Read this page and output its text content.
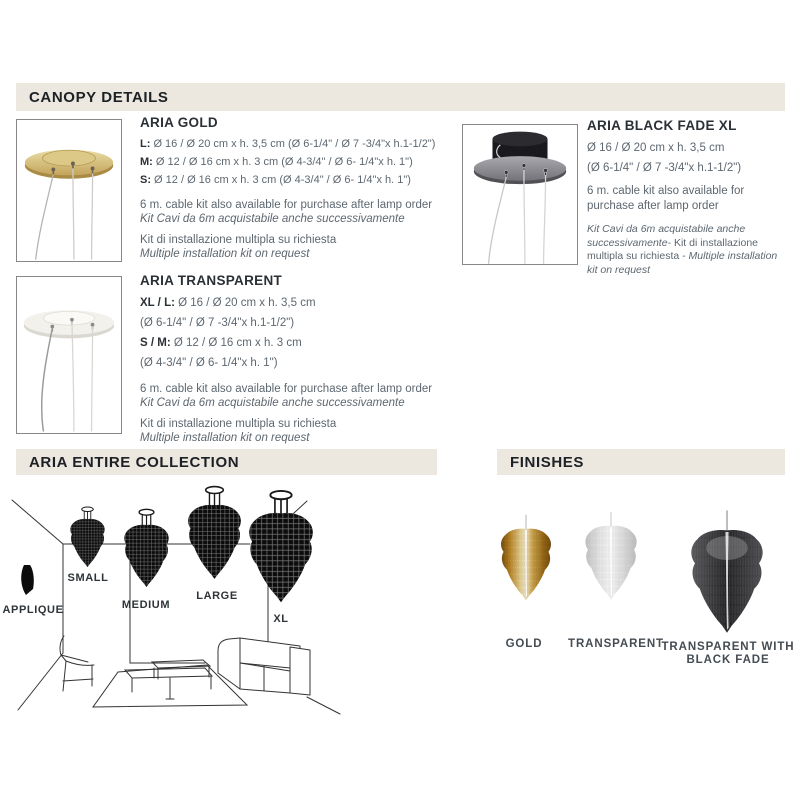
CANOPY DETAILS
ARIA GOLD
L: Ø 16 / Ø 20 cm x h. 3,5 cm (Ø 6-1/4" / Ø 7 -3/4"x h.1-1/2")
M: Ø 12 / Ø 16 cm x h. 3 cm (Ø 4-3/4" / Ø 6- 1/4"x h. 1")
S: Ø 12 / Ø 16 cm x h. 3 cm (Ø 4-3/4" / Ø 6- 1/4"x h. 1")
6 m. cable kit also available for purchase after lamp order
Kit Cavi da 6m acquistabile anche successivamente
Kit di installazione multipla su richiesta
Multiple installation kit on request
ARIA BLACK FADE XL
Ø 16 / Ø 20 cm x h. 3,5 cm
(Ø 6-1/4" / Ø 7 -3/4"x h.1-1/2")
6 m. cable kit also available for purchase after lamp order
Kit Cavi da 6m acquistabile anche successivamente- Kit di installazione multipla su richiesta - Multiple installation kit on request
ARIA TRANSPARENT
XL / L: Ø 16 / Ø 20 cm x h. 3,5 cm
(Ø 6-1/4" / Ø 7 -3/4"x h.1-1/2")
S / M: Ø 12 / Ø 16 cm x h. 3 cm
(Ø 4-3/4" / Ø 6- 1/4"x h. 1")
6 m. cable kit also available for purchase after lamp order
Kit Cavi da 6m acquistabile anche successivamente
Kit di installazione multipla su richiesta
Multiple installation kit on request
ARIA ENTIRE COLLECTION	FINISHES
APPLIQUE
SMALL
MEDIUM
LARGE
XL
GOLD	TRANSPARENT
TRANSPARENT WITH BLACK FADE
